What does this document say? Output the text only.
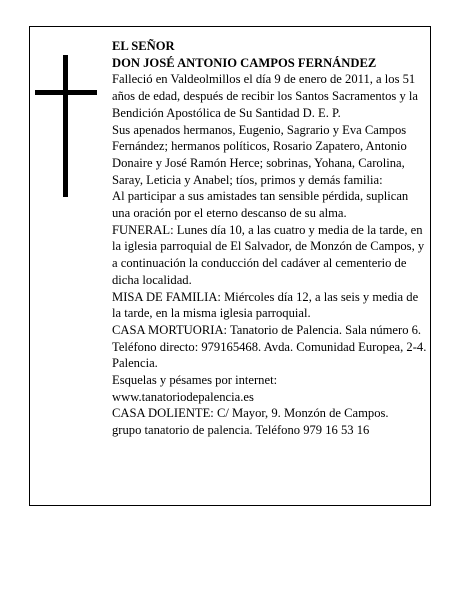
EL SEÑOR

DON JOSÉ ANTONIO CAMPOS FERNÁNDEZ

Falleció en Valdeolmillos el día 9 de enero de 2011, a los 51 años de edad, después de recibir los Santos Sacramentos y la Bendición Apostólica de Su Santidad D. E. P.

Sus apenados hermanos, Eugenio, Sagrario y Eva Campos Fernández; hermanos políticos, Rosario Zapatero, Antonio Donaire y José Ramón Herce; sobrinas, Yohana, Carolina, Saray, Leticia y Anabel; tíos, primos y demás familia:

Al participar a sus amistades tan sensible pérdida, suplican una oración por el eterno descanso de su alma.

FUNERAL: Lunes día 10, a las cuatro y media de la tarde, en la iglesia parroquial de El Salvador, de Monzón de Campos, y a continuación la conducción del cadáver al cementerio de dicha localidad.

MISA DE FAMILIA: Miércoles día 12, a las seis y media de la tarde, en la misma iglesia parroquial.

CASA MORTUORIA: Tanatorio de Palencia. Sala número 6. Teléfono directo: 979165468. Avda. Comunidad Europea, 2-4. Palencia.

Esquelas y pésames por internet:

www.tanatoriodepalencia.es

CASA DOLIENTE: C/ Mayor, 9. Monzón de Campos.

grupo tanatorio de palencia. Teléfono 979 16 53 16
